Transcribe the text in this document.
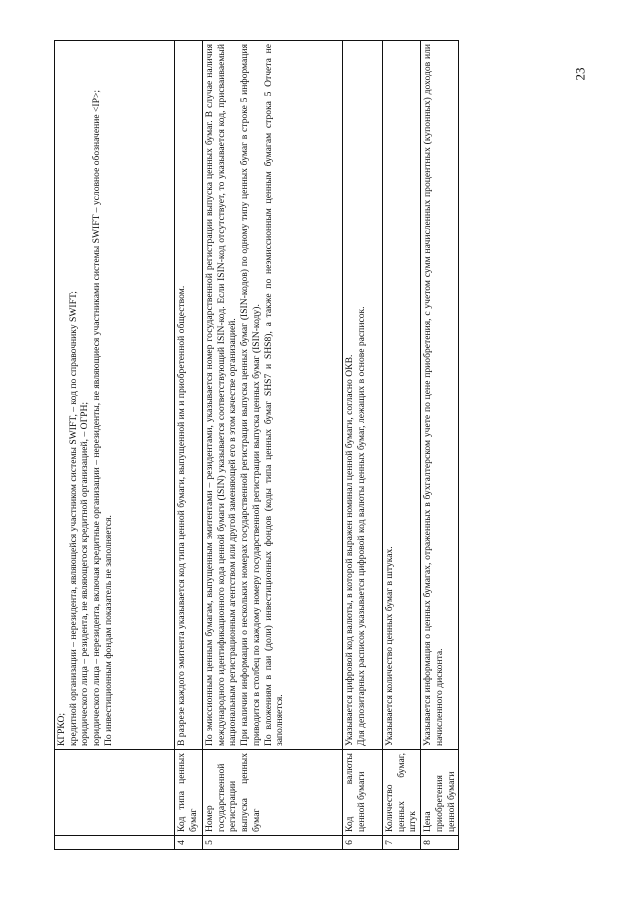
23

		КГРКО; кредитной организации – нерезидента, являющейся участником системы SWIFT, – код по справочнику SWIFT; юридического лица – резидента, не являющегося кредитной организацией, – ОГРН; юридического лица – нерезидента, включая кредитные организации – нерезиденты, не являющиеся участниками системы SWIFT – условное обозначение <IP>; По инвестиционным фондам показатель не заполняется.

4	Код типа ценных бумаг	В разрезе каждого эмитента указывается код типа ценной бумаги, выпущенной им и приобретенной обществом.

5	Номер государственной регистрации выпуска ценных бумаг	По эмиссионным ценным бумагам, выпущенным эмитентами – резидентами, указывается номер государственной регистрации выпуска ценных бумаг. В случае наличия международного идентификационного кода ценной бумаги (ISIN) указывается соответствующий ISIN-код. Если ISIN-код отсутствует, то указывается код, присваиваемый национальным регистрационным агентством или другой заменяющей его в этом качестве организацией. При наличии информации о нескольких номерах государственной регистрации выпуска ценных бумаг (ISIN-кодов) по одному типу ценных бумаг в строке 5 информация приводится в столбец по каждому номеру государственной регистрации выпуска ценных бумаг (ISIN-коду). По вложениям в паи (доли) инвестиционных фондов (коды типа ценных бумаг SHS7 и SHS8), а также по неэмиссионным ценным бумагам строка 5 Отчета не заполняется.

6	Код валюты ценной бумаги	Указывается цифровой код валюты, в которой выражен номинал ценной бумаги, согласно ОКВ. Для депозитарных расписок указывается цифровой код валюты ценных бумаг, лежащих в основе расписок.

7	Количество ценных бумаг, штук	Указывается количество ценных бумаг в штуках.

8	Цена приобретения ценной бумаги	Указывается информация о ценных бумагах, отраженных в бухгалтерском учете по цене приобретения, с учетом сумм начисленных процентных (купонных) доходов или начисленного дисконта.
